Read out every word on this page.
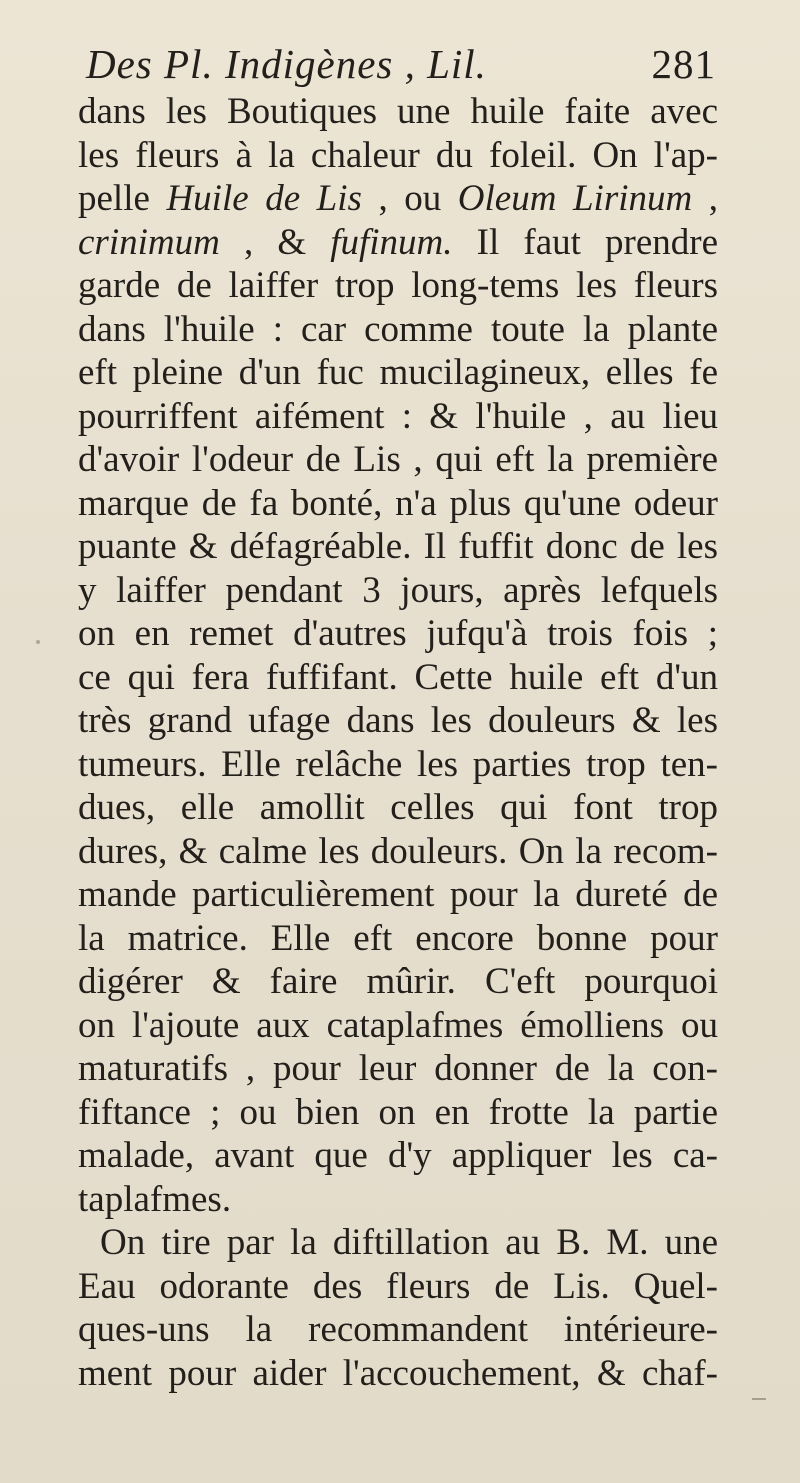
Des Pl. Indigènes , Lil.	281
dans les Boutiques une huile faite avec
les fleurs à la chaleur du foleil. On l'ap-
pelle Huile de Lis , ou Oleum Lirinum ,
crinimum , & fufinum. Il faut prendre
garde de laiffer trop long-tems les fleurs
dans l'huile : car comme toute la plante
eft pleine d'un fuc mucilagineux, elles fe
pourriffent aifément : & l'huile , au lieu
d'avoir l'odeur de Lis , qui eft la première
marque de fa bonté, n'a plus qu'une odeur
puante & défagréable. Il fuffit donc de les
y laiffer pendant 3 jours, après lefquels
on en remet d'autres jufqu'à trois fois ;
ce qui fera fuffifant. Cette huile eft d'un
très grand ufage dans les douleurs & les
tumeurs. Elle relâche les parties trop ten-
dues, elle amollit celles qui font trop
dures, & calme les douleurs. On la recom-
mande particulièrement pour la dureté de
la matrice. Elle eft encore bonne pour
digérer & faire mûrir. C'eft pourquoi
on l'ajoute aux cataplafmes émolliens ou
maturatifs , pour leur donner de la con-
fiftance ; ou bien on en frotte la partie
malade, avant que d'y appliquer les ca-
taplafmes.
On tire par la diftillation au B. M. une
Eau odorante des fleurs de Lis. Quel-
ques-uns la recommandent intérieure-
ment pour aider l'accouchement, & chaf-
